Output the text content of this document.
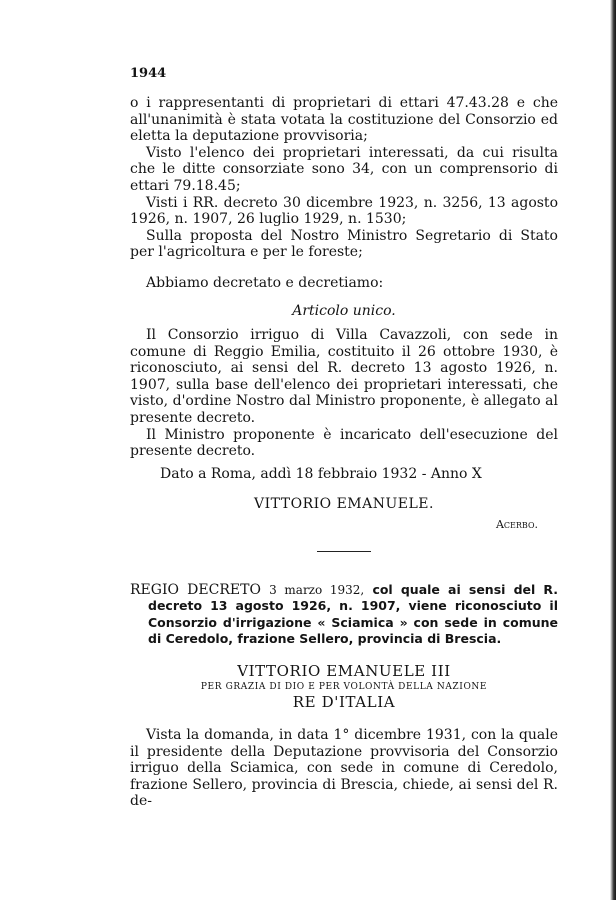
1944

o i rappresentanti di proprietari di ettari 47.43.28 e che all'unanimità è stata votata la costituzione del Consorzio ed eletta la deputazione provvisoria;

Visto l'elenco dei proprietari interessati, da cui risulta che le ditte consorziate sono 34, con un comprensorio di ettari 79.18.45;

Visti i RR. decreto 30 dicembre 1923, n. 3256, 13 agosto 1926, n. 1907, 26 luglio 1929, n. 1530;

Sulla proposta del Nostro Ministro Segretario di Stato per l'agricoltura e per le foreste;

Abbiamo decretato e decretiamo:
Articolo unico.

Il Consorzio irriguo di Villa Cavazzoli, con sede in comune di Reggio Emilia, costituito il 26 ottobre 1930, è riconosciuto, ai sensi del R. decreto 13 agosto 1926, n. 1907, sulla base dell'elenco dei proprietari interessati, che visto, d'ordine Nostro dal Ministro proponente, è allegato al presente decreto.

Il Ministro proponente è incaricato dell'esecuzione del presente decreto.

Dato a Roma, addì 18 febbraio 1932 - Anno X
VITTORIO EMANUELE.
Acerbo.
REGIO DECRETO 3 marzo 1932, col quale ai sensi del R. decreto 13 agosto 1926, n. 1907, viene riconosciuto il Consorzio d'irrigazione « Sciamica » con sede in comune di Ceredolo, frazione Sellero, provincia di Brescia.
VITTORIO EMANUELE III
PER GRAZIA DI DIO E PER VOLONTÀ DELLA NAZIONE
RE D'ITALIA

Vista la domanda, in data 1° dicembre 1931, con la quale il presidente della Deputazione provvisoria del Consorzio irriguo della Sciamica, con sede in comune di Ceredolo, frazione Sellero, provincia di Brescia, chiede, ai sensi del R. de-
